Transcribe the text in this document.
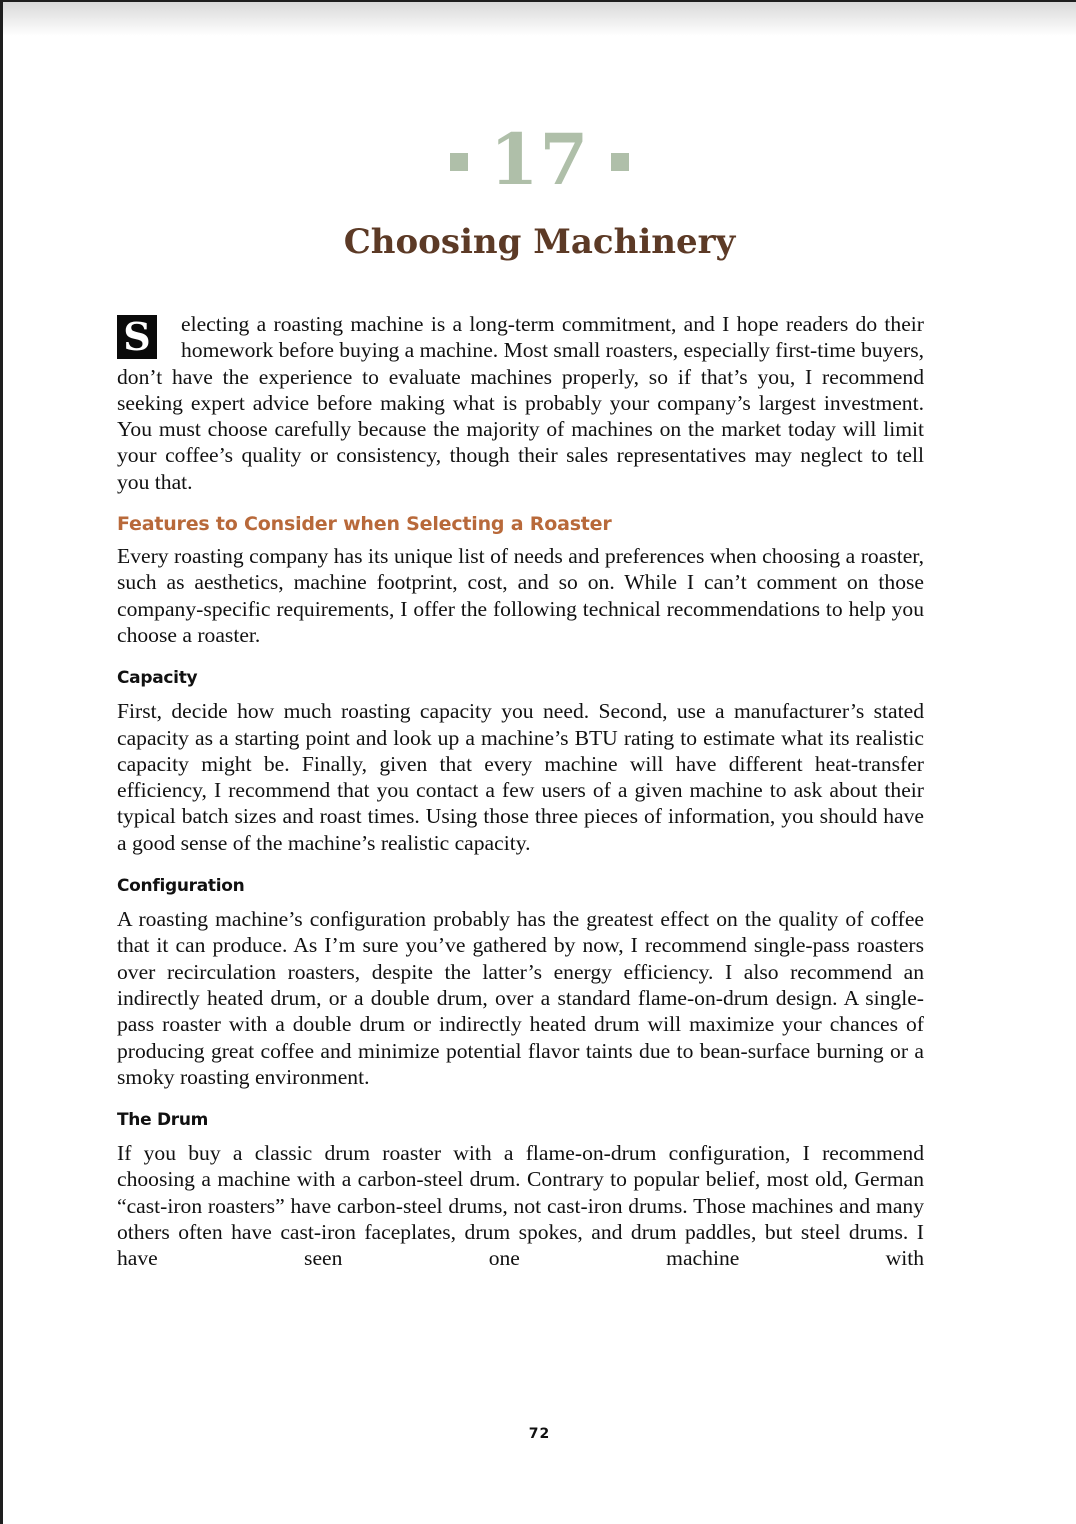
17
Choosing Machinery

S electing a roasting machine is a long-term commitment, and I hope readers do their homework before buying a machine. Most small roasters, especially first-time buyers, don’t have the experience to evaluate machines properly, so if that’s you, I recommend seeking expert advice before making what is probably your company’s largest investment. You must choose carefully because the majority of machines on the market today will limit your coffee’s quality or consistency, though their sales representatives may neglect to tell you that.

Features to Consider when Selecting a Roaster

Every roasting company has its unique list of needs and preferences when choosing a roaster, such as aesthetics, machine footprint, cost, and so on. While I can’t comment on those company-specific requirements, I offer the following technical recommendations to help you choose a roaster.

Capacity

First, decide how much roasting capacity you need. Second, use a manufacturer’s stated capacity as a starting point and look up a machine’s BTU rating to estimate what its realistic capacity might be. Finally, given that every machine will have different heat-transfer efficiency, I recommend that you contact a few users of a given machine to ask about their typical batch sizes and roast times. Using those three pieces of information, you should have a good sense of the machine’s realistic capacity.

Configuration

A roasting machine’s configuration probably has the greatest effect on the quality of coffee that it can produce. As I’m sure you’ve gathered by now, I recommend single-pass roasters over recirculation roasters, despite the latter’s energy efficiency. I also recommend an indirectly heated drum, or a double drum, over a standard flame-on-drum design. A single-pass roaster with a double drum or indirectly heated drum will maximize your chances of producing great coffee and minimize potential flavor taints due to bean-surface burning or a smoky roasting environment.

The Drum

If you buy a classic drum roaster with a flame-on-drum configuration, I recommend choosing a machine with a carbon-steel drum. Contrary to popular belief, most old, German “cast-iron roasters” have carbon-steel drums, not cast-iron drums. Those machines and many others often have cast-iron faceplates, drum spokes, and drum paddles, but steel drums. I have seen one machine with

72
